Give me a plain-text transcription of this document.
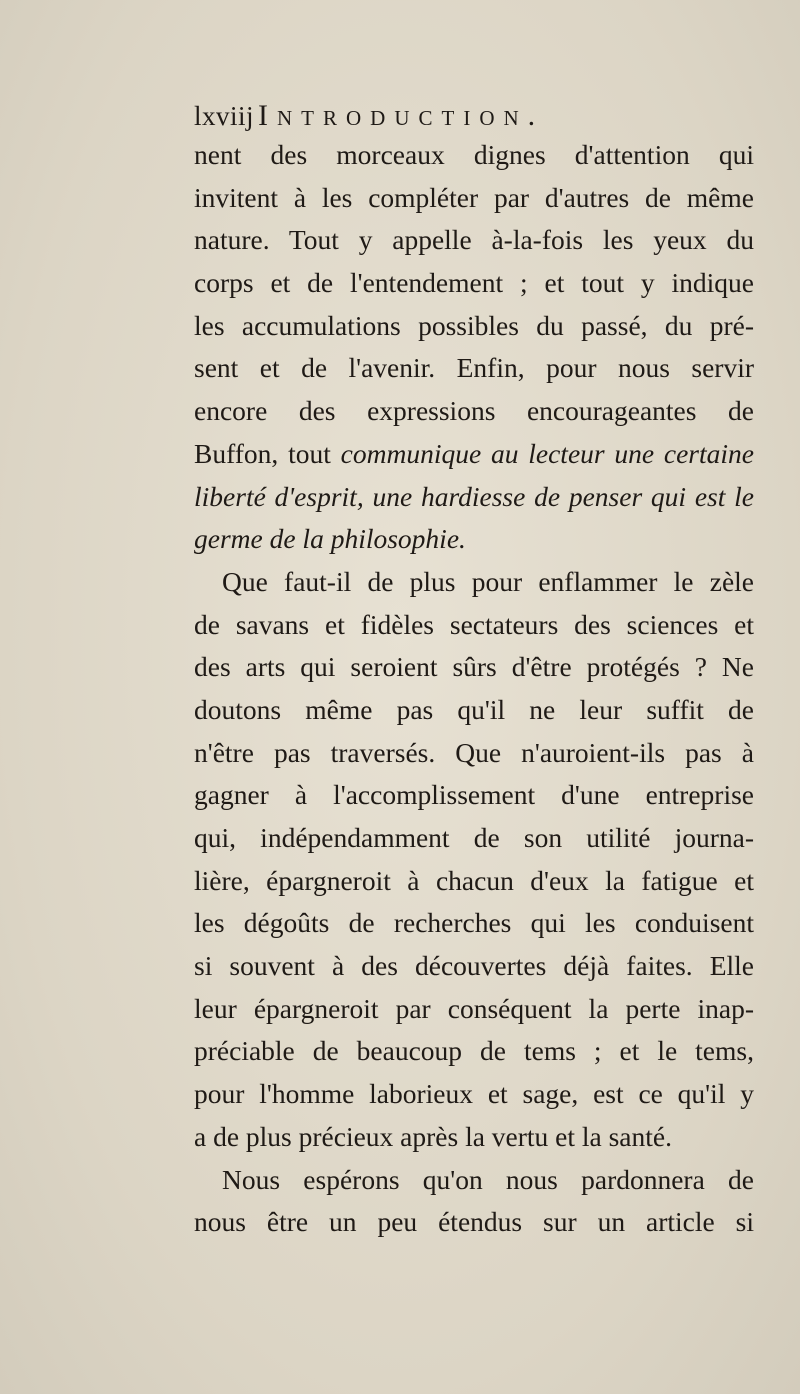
lxviij Introduction.
nent des morceaux dignes d'attention qui
invitent à les compléter par d'autres de même
nature. Tout y appelle à-la-fois les yeux du
corps et de l'entendement ; et tout y indique
les accumulations possibles du passé, du pré-
sent et de l'avenir. Enfin, pour nous servir
encore des expressions encourageantes de
Buffon, tout communique au lecteur une certaine
liberté d'esprit, une hardiesse de penser qui est le
germe de la philosophie.
Que faut-il de plus pour enflammer le zèle
de savans et fidèles sectateurs des sciences et
des arts qui seroient sûrs d'être protégés ? Ne
doutons même pas qu'il ne leur suffit de
n'être pas traversés. Que n'auroient-ils pas à
gagner à l'accomplissement d'une entreprise
qui, indépendamment de son utilité journa-
lière, épargneroit à chacun d'eux la fatigue et
les dégoûts de recherches qui les conduisent
si souvent à des découvertes déjà faites. Elle
leur épargneroit par conséquent la perte inap-
préciable de beaucoup de tems ; et le tems,
pour l'homme laborieux et sage, est ce qu'il y
a de plus précieux après la vertu et la santé.
Nous espérons qu'on nous pardonnera de
nous être un peu étendus sur un article si
